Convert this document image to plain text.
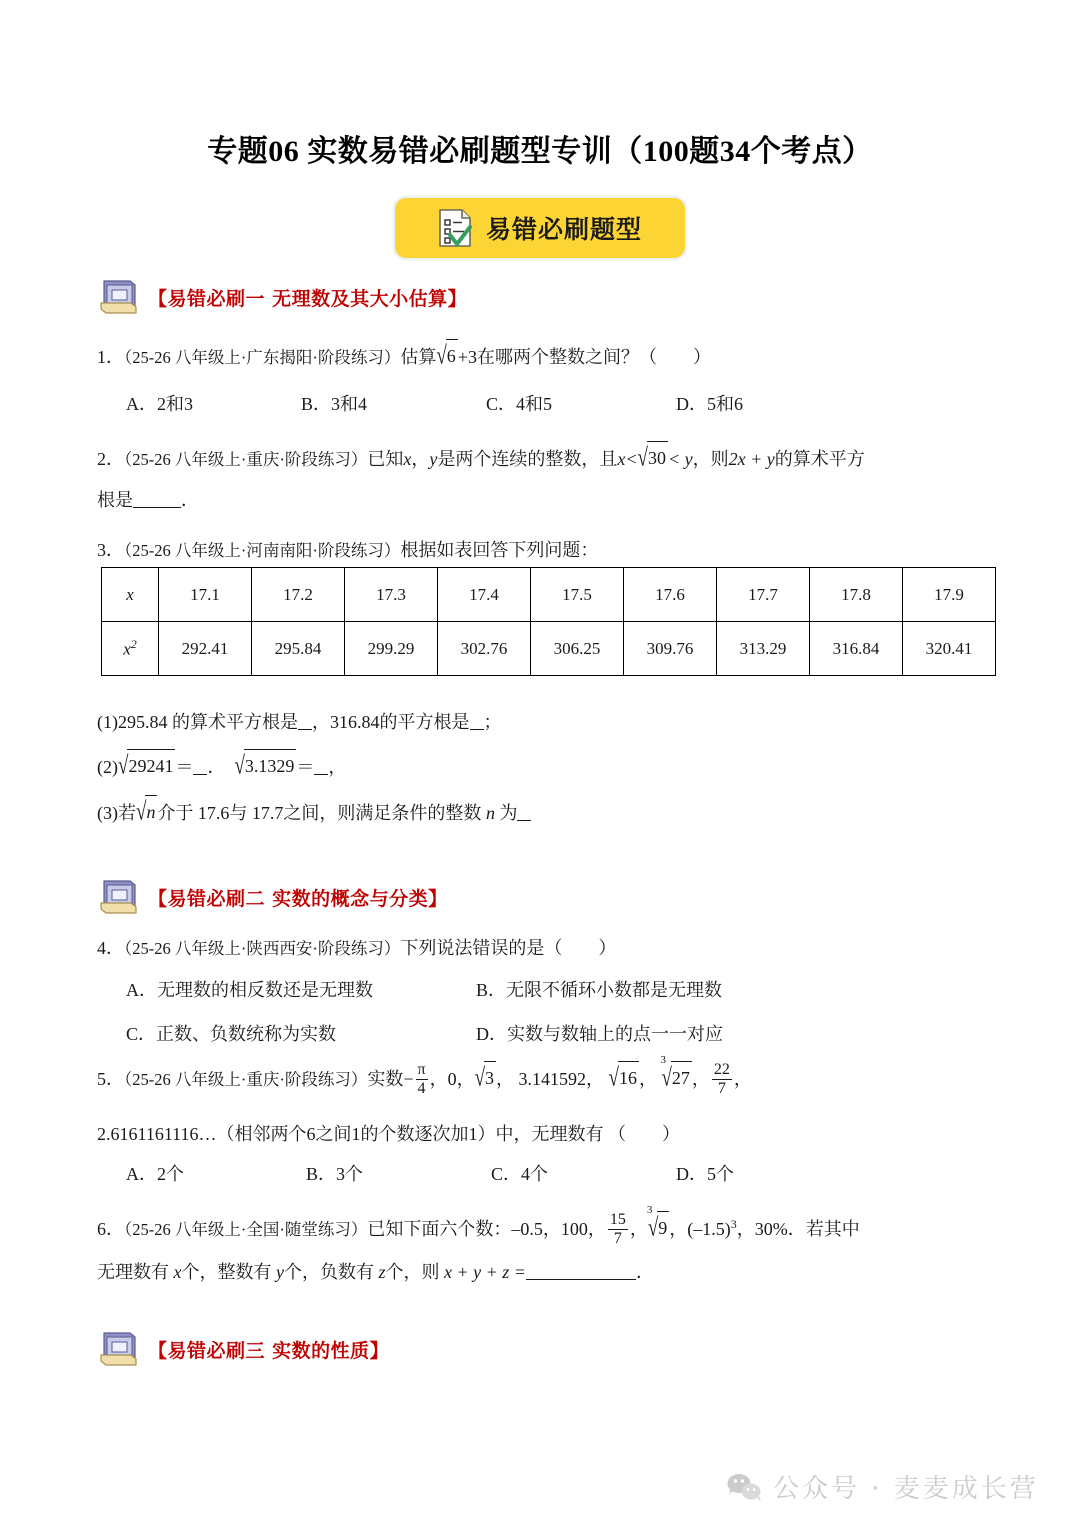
专题06 实数易错必刷题型专训（100题34个考点）
易错必刷题型
【易错必刷一 无理数及其大小估算】
1．（25-26 八年级上·广东揭阳·阶段练习）估算√6 +3在哪两个整数之间？（　　）
A．2和3	B．3和4	C．4和5	D．5和6
2．（25-26 八年级上·重庆·阶段练习）已知x，y是两个连续的整数，且x<√30 < y，则2x + y的算术平方
根是	．
3．（25-26 八年级上·河南南阳·阶段练习）根据如表回答下列问题：
x	17.1	17.2	17.3	17.4	17.5	17.6	17.7	17.8	17.9
$x^2$	292.41	295.84	299.29	302.76	306.25	309.76	313.29	316.84	320.41
(1)295.84 的算术平方根是 ，316.84的平方根是 ；
(2)√29241 ＝ ． √3.1329 ＝ ，
(3)若√n 介于 17.6与 17.7之间，则满足条件的整数 n 为
【易错必刷二 实数的概念与分类】
4．（25-26 八年级上·陕西西安·阶段练习）下列说法错误的是（　　）
A．无理数的相反数还是无理数	B．无限不循环小数都是无理数
C．正数、负数统称为实数	D．实数与数轴上的点一一对应
5．（25-26 八年级上·重庆·阶段练习）实数− $\frac{\pi}{4}$ ，0，√3 ， 3.141592， √16 ，
3
√27 ， $\frac{22}{7}$ ，
2.6161161116…（相邻两个6之间1的个数逐次加1）中，无理数有 （　　）
A．2个	B．3个	C．4个	D．5个
6．（25-26 八年级上·全国·随堂练习）已知下面六个数：–0.5，100， $\frac{15}{7}$ ，
3
√9 ，$(-1.5)^3$，30%．若其中
无理数有 x个，整数有 y个，负数有 z个，则 x + y + z =	．
【易错必刷三 实数的性质】
公众号 · 麦麦成长营
